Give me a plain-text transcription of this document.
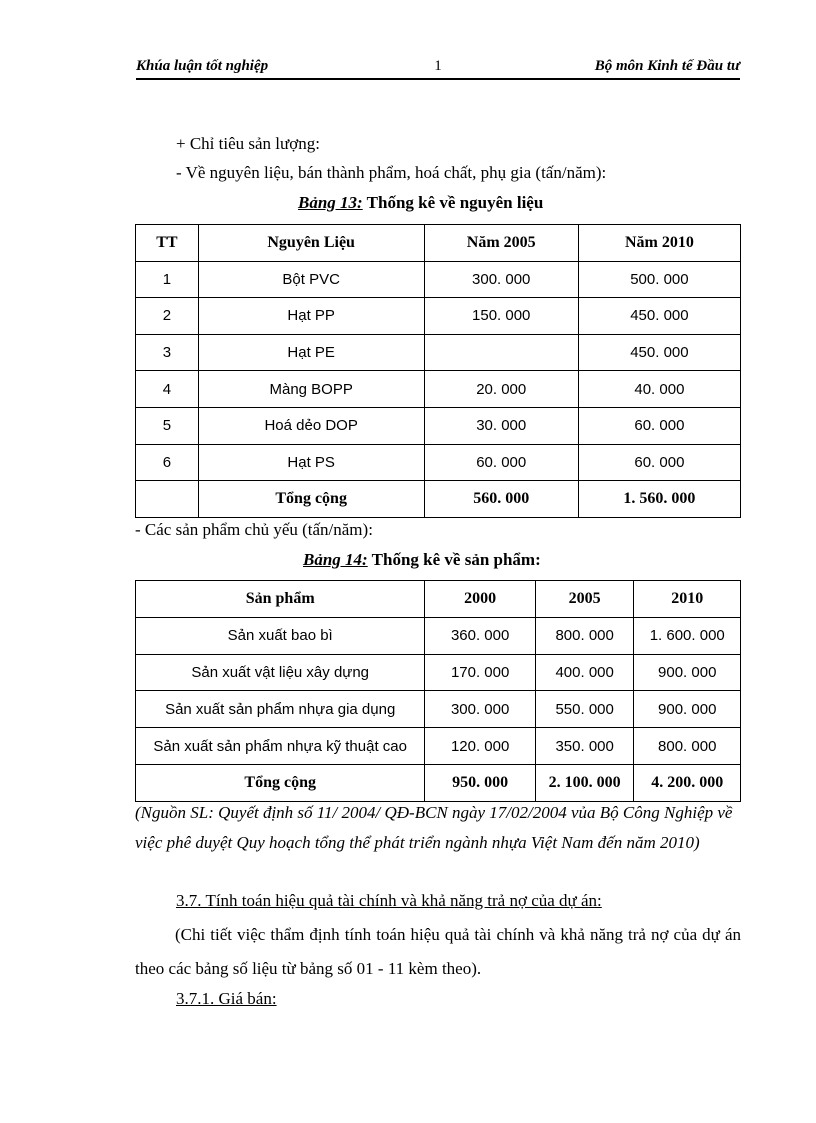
Khúa luận tốt nghiệp	1	Bộ môn Kinh tế Đầu tư
+ Chỉ tiêu sản lượng:
- Về nguyên liệu, bán thành phẩm, hoá chất, phụ gia (tấn/năm):
Bảng 13: Thống kê về nguyên liệu
TT	Nguyên Liệu	Năm 2005	Năm 2010
1	Bột PVC	300. 000	500. 000
2	Hạt PP	150. 000	450. 000
3	Hạt PE		450. 000
4	Màng BOPP	20. 000	40. 000
5	Hoá dẻo DOP	30. 000	60. 000
6	Hạt PS	60. 000	60. 000
	Tổng cộng	560. 000	1. 560. 000
- Các sản phẩm chủ yếu (tấn/năm):
Bảng 14: Thống kê về sản phẩm:
Sản phẩm	2000	2005	2010
Sản xuất bao bì	360. 000	800. 000	1. 600. 000
Sản xuất vật liệu xây dựng	170. 000	400. 000	900. 000
Sản xuất sản phẩm nhựa gia dụng	300. 000	550. 000	900. 000
Sản xuất sản phẩm nhựa kỹ thuật cao	120. 000	350. 000	800. 000
Tổng cộng	950. 000	2. 100. 000	4. 200. 000
(Nguồn SL: Quyết định số 11/ 2004/ QĐ-BCN ngày 17/02/2004 vủa Bộ Công Nghiệp về việc phê duyệt Quy hoạch tổng thể phát triển ngành nhựa Việt Nam đến năm 2010)
3.7. Tính toán hiệu quả tài chính và khả năng trả nợ của dự án:
(Chi tiết việc thẩm định tính toán hiệu quả tài chính và khả năng trả nợ của dự án theo các bảng số liệu từ bảng số 01 - 11 kèm theo).
3.7.1. Giá bán:
